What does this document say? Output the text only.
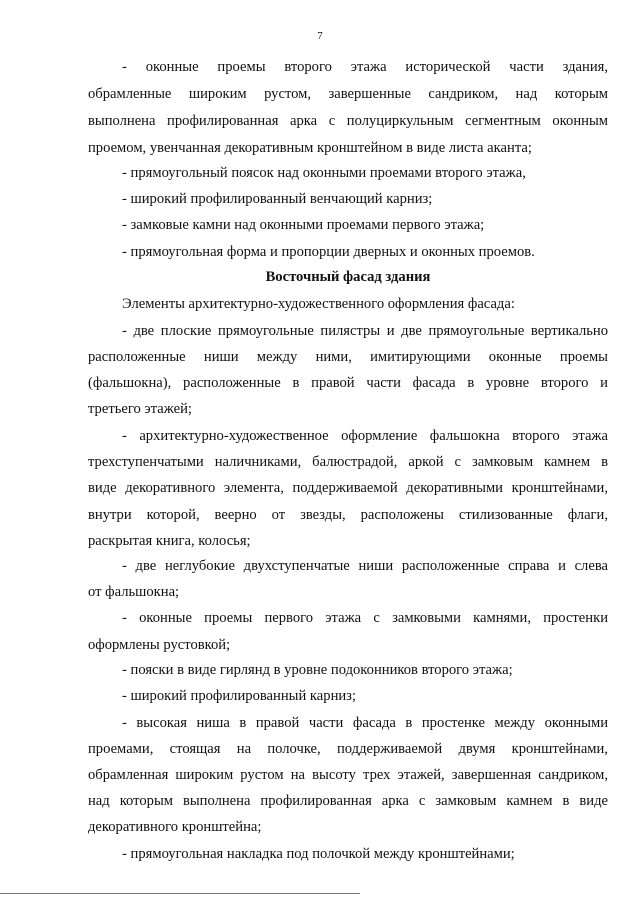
7
- оконные проемы второго этажа исторической части здания,
обрамленные широким рустом, завершенные сандриком, над которым
выполнена профилированная арка с полуциркульным сегментным оконным
проемом, увенчанная декоративным кронштейном в виде листа аканта;
- прямоугольный поясок над оконными проемами второго этажа,
- широкий профилированный венчающий карниз;
- замковые камни над оконными проемами первого этажа;
- прямоугольная форма и пропорции дверных и оконных проемов.
Восточный фасад здания
Элементы архитектурно-художественного оформления фасада:
- две плоские прямоугольные пилястры и две прямоугольные вертикально
расположенные ниши между ними, имитирующими оконные проемы
(фальшокна), расположенные в правой части фасада в уровне второго и
третьего этажей;
- архитектурно-художественное оформление фальшокна второго этажа
трехступенчатыми наличниками, балюстрадой, аркой с замковым камнем в
виде декоративного элемента, поддерживаемой декоративными кронштейнами,
внутри которой, веерно от звезды, расположены стилизованные флаги,
раскрытая книга, колосья;
- две неглубокие двухступенчатые ниши расположенные справа и слева
от фальшокна;
- оконные проемы первого этажа с замковыми камнями, простенки
оформлены рустовкой;
- пояски в виде гирлянд в уровне подоконников второго этажа;
- широкий профилированный карниз;
- высокая ниша в правой части фасада в простенке между оконными
проемами, стоящая на полочке, поддерживаемой двумя кронштейнами,
обрамленная широким рустом на высоту трех этажей, завершенная сандриком,
над которым выполнена профилированная арка с замковым камнем в виде
декоративного кронштейна;
- прямоугольная накладка под полочкой между кронштейнами;
